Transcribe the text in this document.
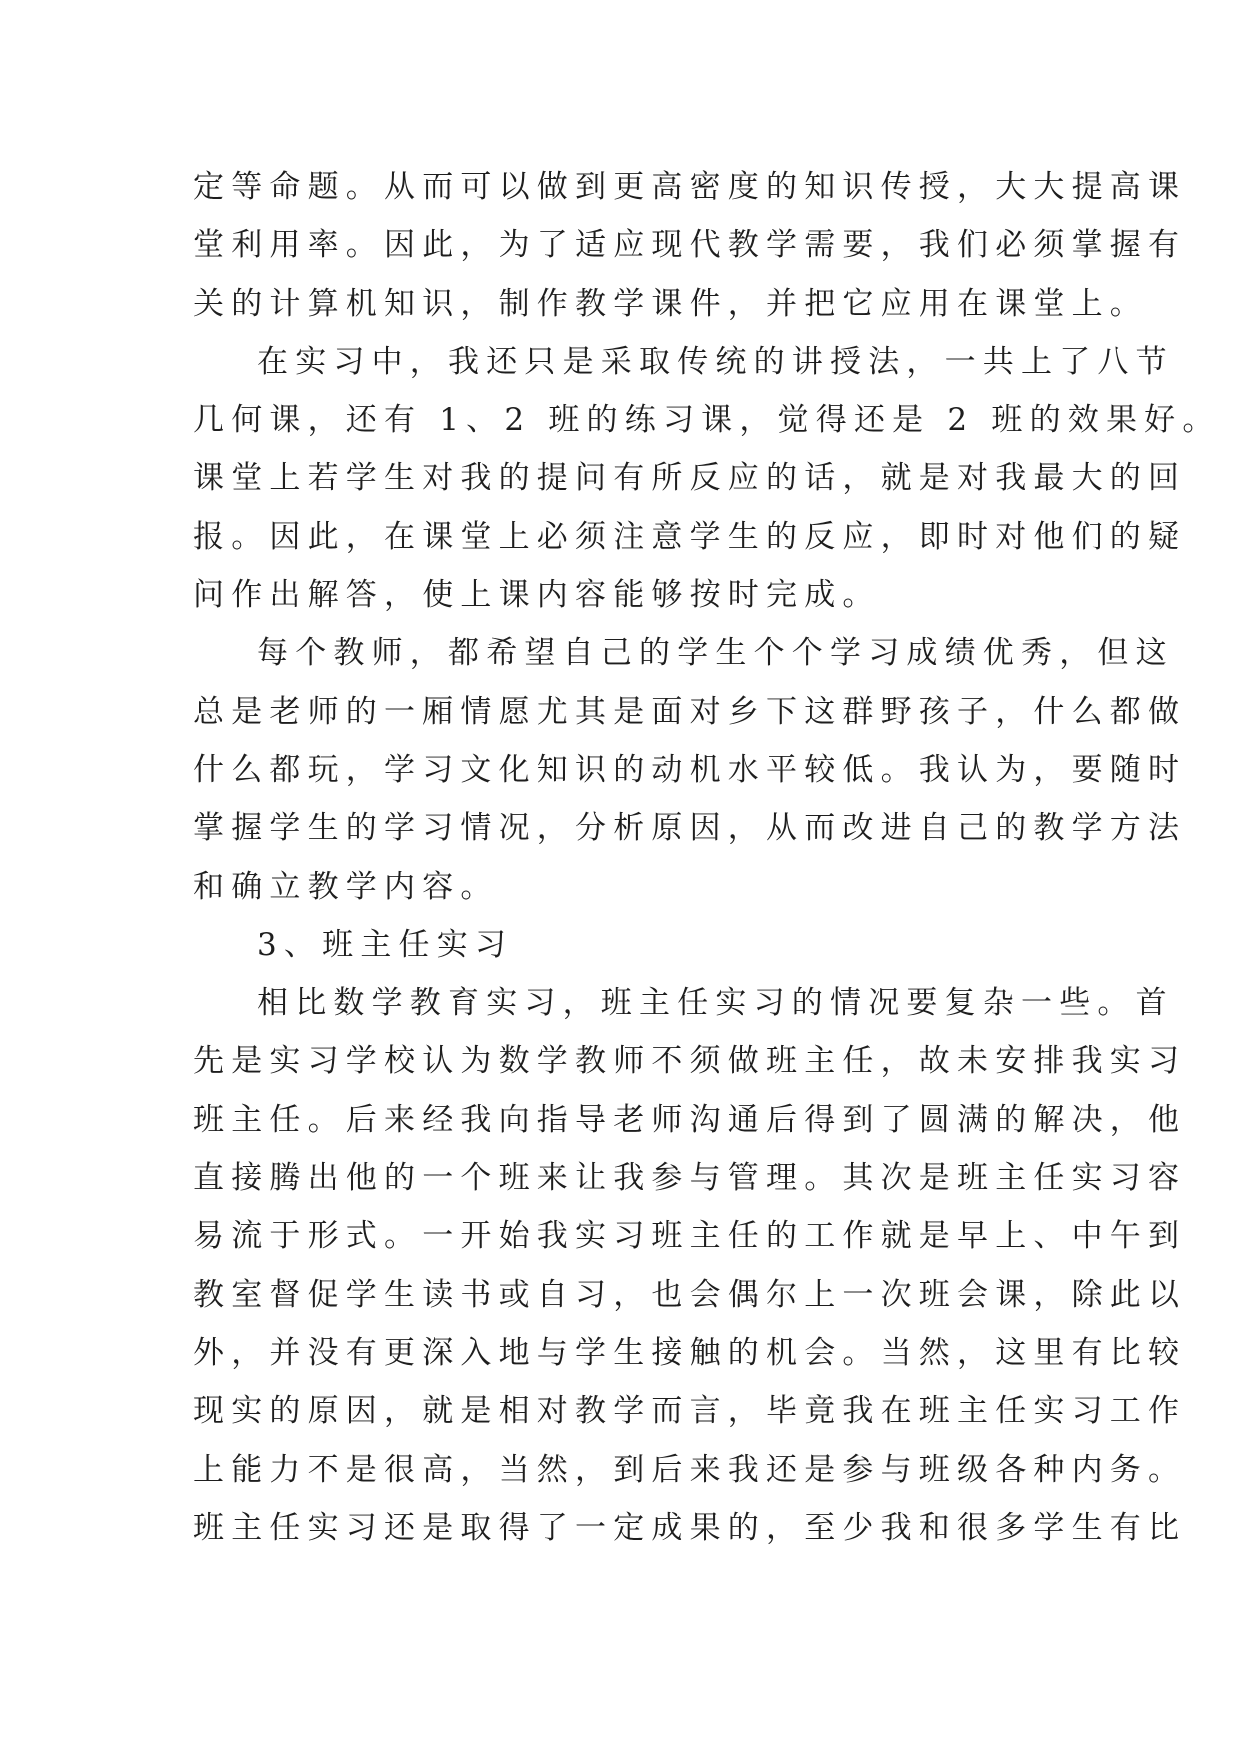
定等命题。从而可以做到更高密度的知识传授，大大提高课
堂利用率。因此，为了适应现代教学需要，我们必须掌握有
关的计算机知识，制作教学课件，并把它应用在课堂上。
在实习中，我还只是采取传统的讲授法，一共上了八节
几何课，还有 1、2 班的练习课，觉得还是 2 班的效果好。
课堂上若学生对我的提问有所反应的话，就是对我最大的回
报。因此，在课堂上必须注意学生的反应，即时对他们的疑
问作出解答，使上课内容能够按时完成。
每个教师，都希望自己的学生个个学习成绩优秀，但这
总是老师的一厢情愿尤其是面对乡下这群野孩子，什么都做
什么都玩，学习文化知识的动机水平较低。我认为，要随时
掌握学生的学习情况，分析原因，从而改进自己的教学方法
和确立教学内容。
3、班主任实习
相比数学教育实习，班主任实习的情况要复杂一些。首
先是实习学校认为数学教师不须做班主任，故未安排我实习
班主任。后来经我向指导老师沟通后得到了圆满的解决，他
直接腾出他的一个班来让我参与管理。其次是班主任实习容
易流于形式。一开始我实习班主任的工作就是早上、中午到
教室督促学生读书或自习，也会偶尔上一次班会课，除此以
外，并没有更深入地与学生接触的机会。当然，这里有比较
现实的原因，就是相对教学而言，毕竟我在班主任实习工作
上能力不是很高，当然，到后来我还是参与班级各种内务。
班主任实习还是取得了一定成果的，至少我和很多学生有比
